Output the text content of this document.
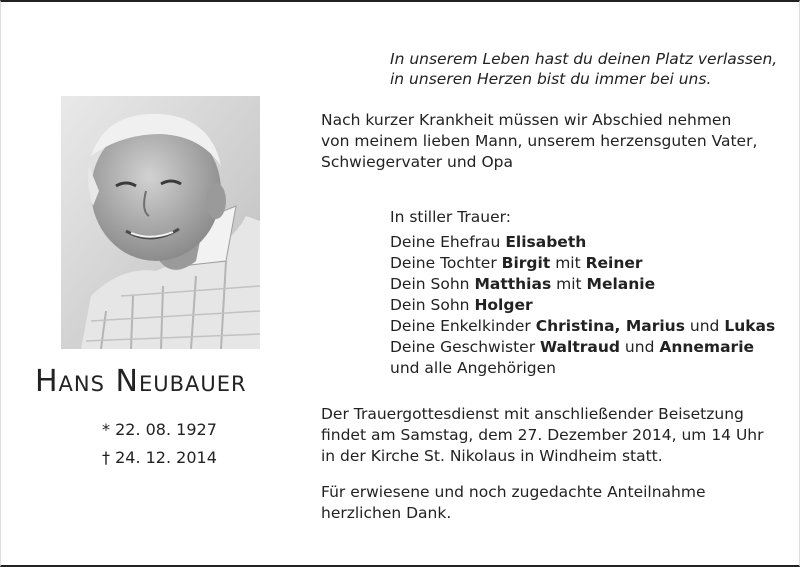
In unserem Leben hast du deinen Platz verlassen,
in unseren Herzen bist du immer bei uns.
Hans Neubauer
* 22. 08. 1927
† 24. 12. 2014
Nach kurzer Krankheit müssen wir Abschied nehmen
von meinem lieben Mann, unserem herzensguten Vater,
Schwiegervater und Opa
In stiller Trauer:
Deine Ehefrau Elisabeth
Deine Tochter Birgit mit Reiner
Dein Sohn Matthias mit Melanie
Dein Sohn Holger
Deine Enkelkinder Christina, Marius und Lukas
Deine Geschwister Waltraud und Annemarie
und alle Angehörigen
Der Trauergottesdienst mit anschließender Beisetzung
findet am Samstag, dem 27. Dezember 2014, um 14 Uhr
in der Kirche St. Nikolaus in Windheim statt.
Für erwiesene und noch zugedachte Anteilnahme
herzlichen Dank.
